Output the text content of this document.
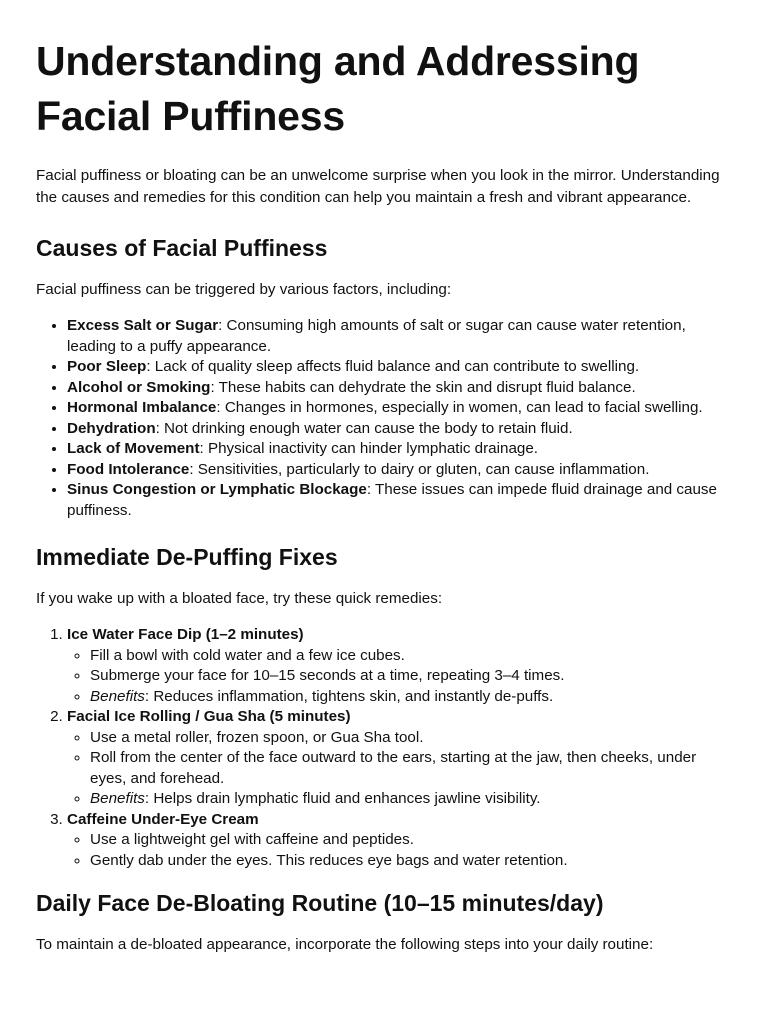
Understanding and Addressing Facial Puffiness

Facial puffiness or bloating can be an unwelcome surprise when you look in the mirror. Understanding the causes and remedies for this condition can help you maintain a fresh and vibrant appearance.

Causes of Facial Puffiness

Facial puffiness can be triggered by various factors, including:

• Excess Salt or Sugar: Consuming high amounts of salt or sugar can cause water retention, leading to a puffy appearance.
• Poor Sleep: Lack of quality sleep affects fluid balance and can contribute to swelling.
• Alcohol or Smoking: These habits can dehydrate the skin and disrupt fluid balance.
• Hormonal Imbalance: Changes in hormones, especially in women, can lead to facial swelling.
• Dehydration: Not drinking enough water can cause the body to retain fluid.
• Lack of Movement: Physical inactivity can hinder lymphatic drainage.
• Food Intolerance: Sensitivities, particularly to dairy or gluten, can cause inflammation.
• Sinus Congestion or Lymphatic Blockage: These issues can impede fluid drainage and cause puffiness.
Immediate De-Puffing Fixes

If you wake up with a bloated face, try these quick remedies:

1. Ice Water Face Dip (1–2 minutes)
◦ Fill a bowl with cold water and a few ice cubes.
◦ Submerge your face for 10–15 seconds at a time, repeating 3–4 times.
◦ Benefits: Reduces inflammation, tightens skin, and instantly de-puffs.
2. Facial Ice Rolling / Gua Sha (5 minutes)
◦ Use a metal roller, frozen spoon, or Gua Sha tool.
◦ Roll from the center of the face outward to the ears, starting at the jaw, then cheeks, under eyes, and forehead.
◦ Benefits: Helps drain lymphatic fluid and enhances jawline visibility.
3. Caffeine Under-Eye Cream
◦ Use a lightweight gel with caffeine and peptides.
◦ Gently dab under the eyes. This reduces eye bags and water retention.
Daily Face De-Bloating Routine (10–15 minutes/day)

To maintain a de-bloated appearance, incorporate the following steps into your daily routine:
